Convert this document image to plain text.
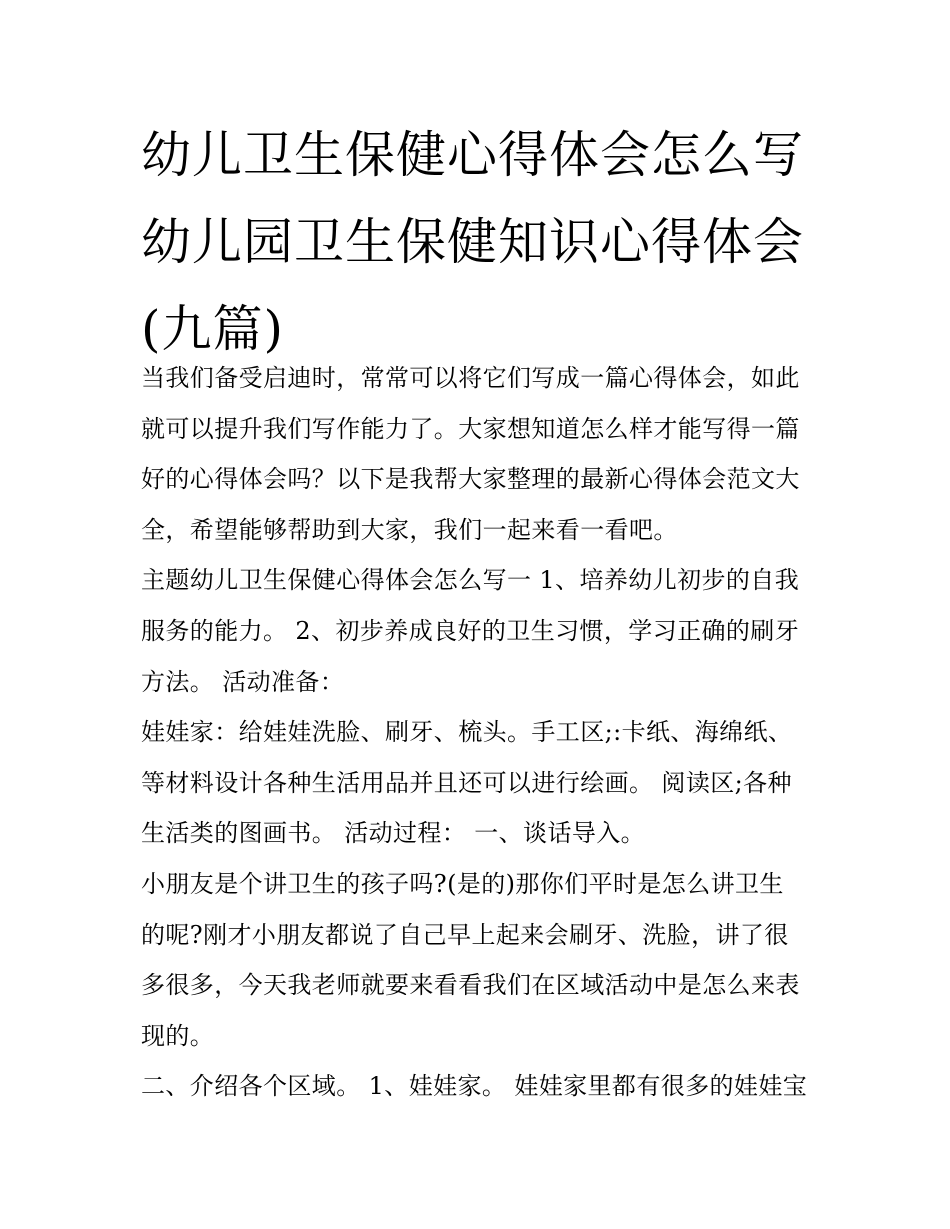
幼儿卫生保健心得体会怎么写
幼儿园卫生保健知识心得体会
(九篇)
当我们备受启迪时，常常可以将它们写成一篇心得体会，如此
就可以提升我们写作能力了。大家想知道怎么样才能写得一篇
好的心得体会吗？以下是我帮大家整理的最新心得体会范文大
全，希望能够帮助到大家，我们一起来看一看吧。
主题幼儿卫生保健心得体会怎么写一 1、培养幼儿初步的自我
服务的能力。 2、初步养成良好的卫生习惯，学习正确的刷牙
方法。 活动准备：
娃娃家：给娃娃洗脸、刷牙、梳头。手工区;:卡纸、海绵纸、
等材料设计各种生活用品并且还可以进行绘画。 阅读区;各种
生活类的图画书。 活动过程： 一、谈话导入。
小朋友是个讲卫生的孩子吗?(是的)那你们平时是怎么讲卫生
的呢?刚才小朋友都说了自己早上起来会刷牙、洗脸，讲了很
多很多，今天我老师就要来看看我们在区域活动中是怎么来表
现的。
二、介绍各个区域。 1、娃娃家。 娃娃家里都有很多的娃娃宝
